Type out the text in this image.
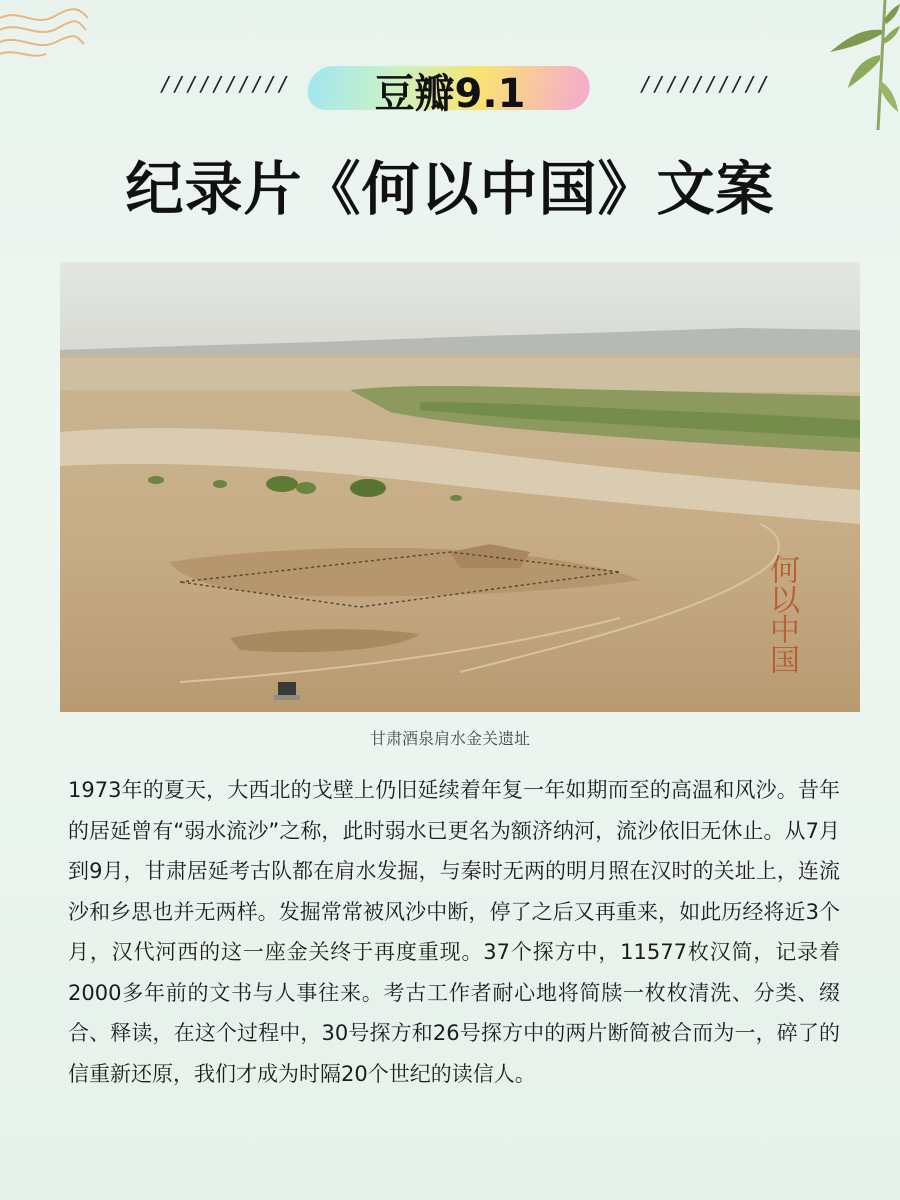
//////////	豆瓣9.1	//////////
纪录片《何以中国》文案
何以中国
甘肃酒泉肩水金关遗址

1973年的夏天，大西北的戈壁上仍旧延续着年复一年如期而至的高温和风沙。昔年的居延曾有“弱水流沙”之称，此时弱水已更名为额济纳河，流沙依旧无休止。从7月到9月，甘肃居延考古队都在肩水发掘，与秦时无两的明月照在汉时的关址上，连流沙和乡思也并无两样。发掘常常被风沙中断，停了之后又再重来，如此历经将近3个月，汉代河西的这一座金关终于再度重现。37个探方中，11577枚汉简，记录着2000多年前的文书与人事往来。考古工作者耐心地将简牍一枚枚清洗、分类、缀合、释读，在这个过程中，30号探方和26号探方中的两片断简被合而为一，碎了的信重新还原，我们才成为时隔20个世纪的读信人。
